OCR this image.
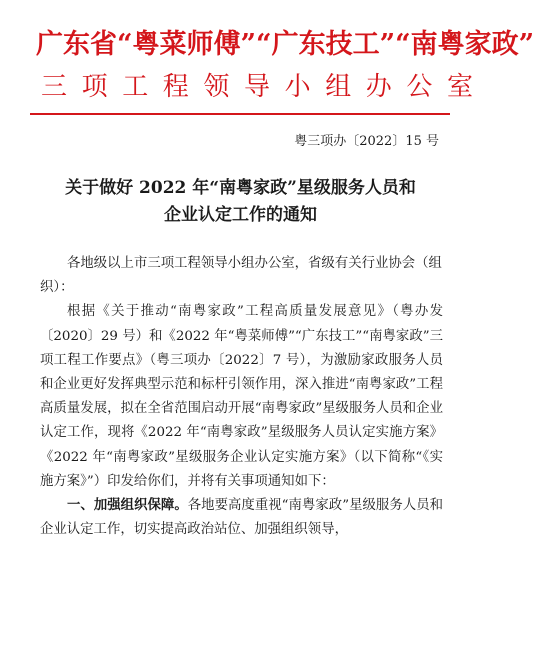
广东省“粤菜师傅”“广东技工”“南粤家政”
三项工程领导小组办公室
粤三项办〔2022〕15 号
关于做好 2022 年“南粤家政”星级服务人员和
企业认定工作的通知

各地级以上市三项工程领导小组办公室，省级有关行业协会（组

织）：

根据《关于推动“南粤家政”工程高质量发展意见》（粤办发〔2020〕29 号）和《2022 年“粤菜师傅”“广东技工”“南粤家政”三项工程工作要点》（粤三项办〔2022〕7 号），为激励家政服务人员和企业更好发挥典型示范和标杆引领作用，深入推进“南粤家政”工程高质量发展，拟在全省范围启动开展“南粤家政”星级服务人员和企业认定工作，现将《2022 年“南粤家政”星级服务人员认定实施方案》《2022 年“南粤家政”星级服务企业认定实施方案》（以下简称“《实施方案》”）印发给你们，并将有关事项通知如下：

一、加强组织保障。各地要高度重视“南粤家政”星级服务人员和企业认定工作，切实提高政治站位、加强组织领导，
